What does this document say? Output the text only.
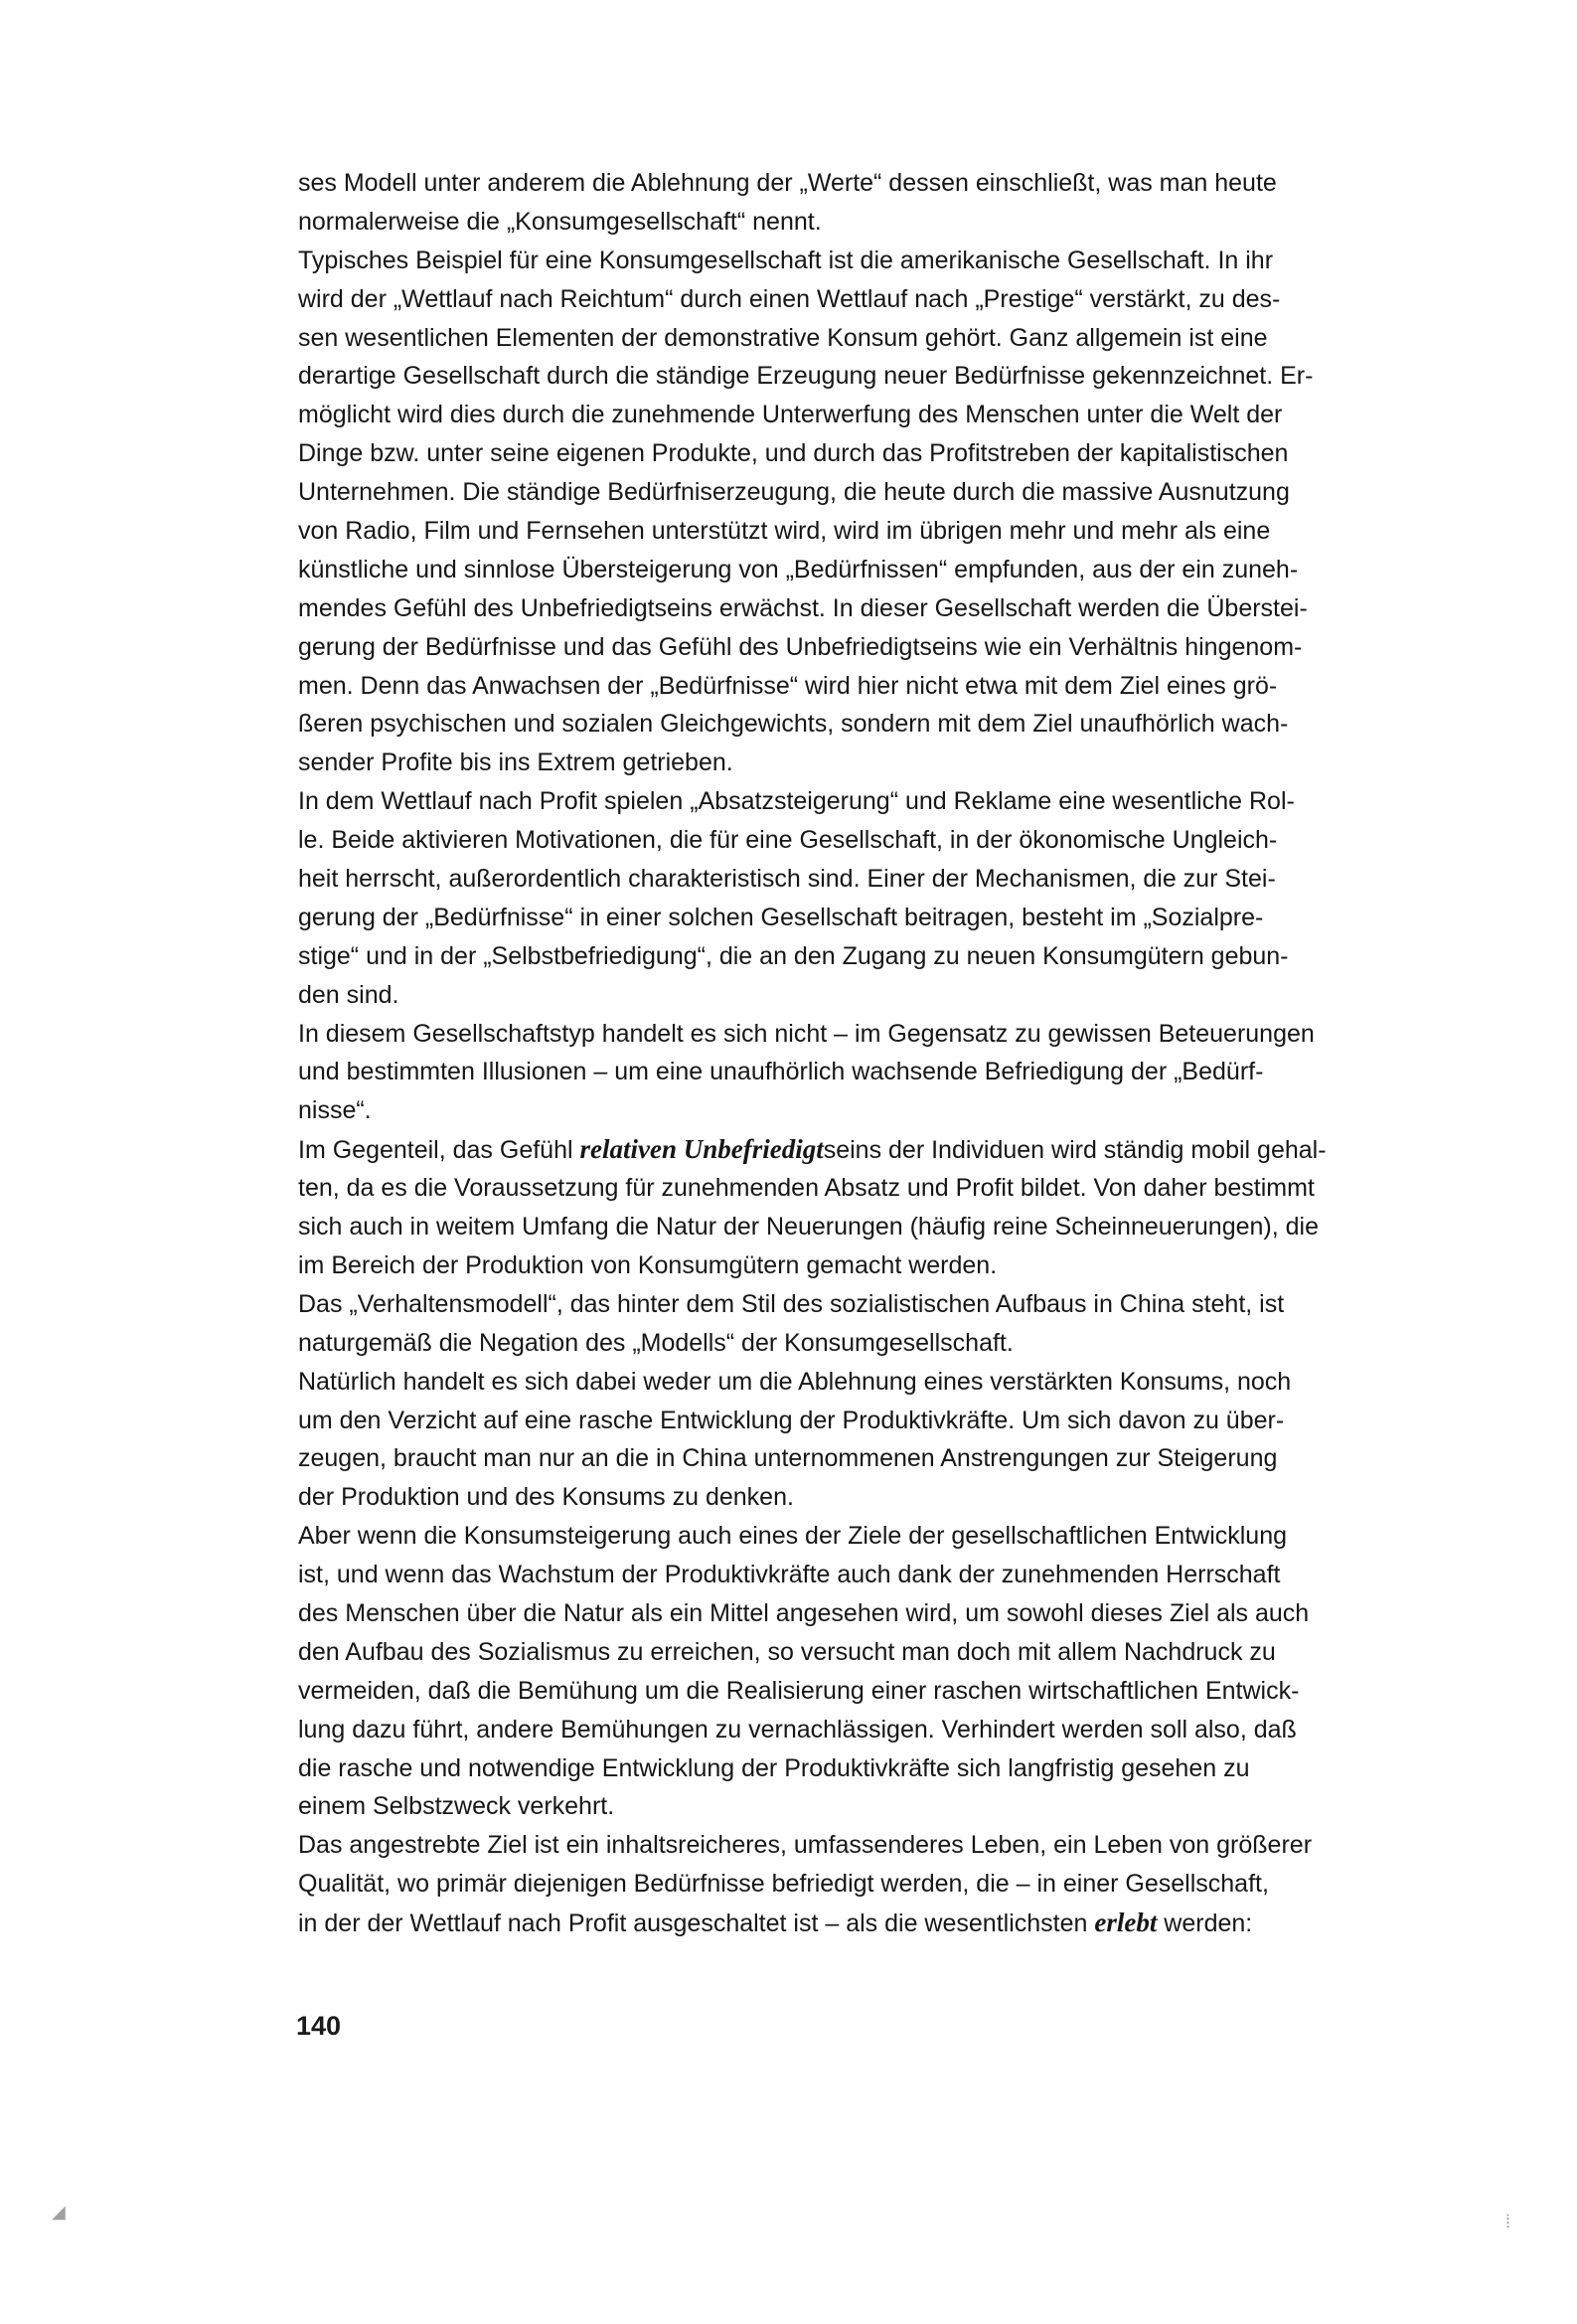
ses Modell unter anderem die Ablehnung der „Werte“ dessen einschließt, was man heute
normalerweise die „Konsumgesellschaft“ nennt.
Typisches Beispiel für eine Konsumgesellschaft ist die amerikanische Gesellschaft. In ihr
wird der „Wettlauf nach Reichtum“ durch einen Wettlauf nach „Prestige“ verstärkt, zu des-
sen wesentlichen Elementen der demonstrative Konsum gehört. Ganz allgemein ist eine
derartige Gesellschaft durch die ständige Erzeugung neuer Bedürfnisse gekennzeichnet. Er-
möglicht wird dies durch die zunehmende Unterwerfung des Menschen unter die Welt der
Dinge bzw. unter seine eigenen Produkte, und durch das Profitstreben der kapitalistischen
Unternehmen. Die ständige Bedürfniserzeugung, die heute durch die massive Ausnutzung
von Radio, Film und Fernsehen unterstützt wird, wird im übrigen mehr und mehr als eine
künstliche und sinnlose Übersteigerung von „Bedürfnissen“ empfunden, aus der ein zuneh-
mendes Gefühl des Unbefriedigtseins erwächst. In dieser Gesellschaft werden die Überstei-
gerung der Bedürfnisse und das Gefühl des Unbefriedigtseins wie ein Verhältnis hingenom-
men. Denn das Anwachsen der „Bedürfnisse“ wird hier nicht etwa mit dem Ziel eines grö-
ßeren psychischen und sozialen Gleichgewichts, sondern mit dem Ziel unaufhörlich wach-
sender Profite bis ins Extrem getrieben.
In dem Wettlauf nach Profit spielen „Absatzsteigerung“ und Reklame eine wesentliche Rol-
le. Beide aktivieren Motivationen, die für eine Gesellschaft, in der ökonomische Ungleich-
heit herrscht, außerordentlich charakteristisch sind. Einer der Mechanismen, die zur Stei-
gerung der „Bedürfnisse“ in einer solchen Gesellschaft beitragen, besteht im „Sozialpre-
stige“ und in der „Selbstbefriedigung“, die an den Zugang zu neuen Konsumgütern gebun-
den sind.
In diesem Gesellschaftstyp handelt es sich nicht – im Gegensatz zu gewissen Beteuerungen
und bestimmten Illusionen – um eine unaufhörlich wachsende Befriedigung der „Bedürf-
nisse“.
Im Gegenteil, das Gefühl relativen Unbefriedigtseins der Individuen wird ständig mobil gehal-
ten, da es die Voraussetzung für zunehmenden Absatz und Profit bildet. Von daher bestimmt
sich auch in weitem Umfang die Natur der Neuerungen (häufig reine Scheinneuerungen), die
im Bereich der Produktion von Konsumgütern gemacht werden.
Das „Verhaltensmodell“, das hinter dem Stil des sozialistischen Aufbaus in China steht, ist
naturgemäß die Negation des „Modells“ der Konsumgesellschaft.
Natürlich handelt es sich dabei weder um die Ablehnung eines verstärkten Konsums, noch
um den Verzicht auf eine rasche Entwicklung der Produktivkräfte. Um sich davon zu über-
zeugen, braucht man nur an die in China unternommenen Anstrengungen zur Steigerung
der Produktion und des Konsums zu denken.
Aber wenn die Konsumsteigerung auch eines der Ziele der gesellschaftlichen Entwicklung
ist, und wenn das Wachstum der Produktivkräfte auch dank der zunehmenden Herrschaft
des Menschen über die Natur als ein Mittel angesehen wird, um sowohl dieses Ziel als auch
den Aufbau des Sozialismus zu erreichen, so versucht man doch mit allem Nachdruck zu
vermeiden, daß die Bemühung um die Realisierung einer raschen wirtschaftlichen Entwick-
lung dazu führt, andere Bemühungen zu vernachlässigen. Verhindert werden soll also, daß
die rasche und notwendige Entwicklung der Produktivkräfte sich langfristig gesehen zu
einem Selbstzweck verkehrt.
Das angestrebte Ziel ist ein inhaltsreicheres, umfassenderes Leben, ein Leben von größerer
Qualität, wo primär diejenigen Bedürfnisse befriedigt werden, die – in einer Gesellschaft,
in der der Wettlauf nach Profit ausgeschaltet ist – als die wesentlichsten erlebt werden:
140
◢	⁞
